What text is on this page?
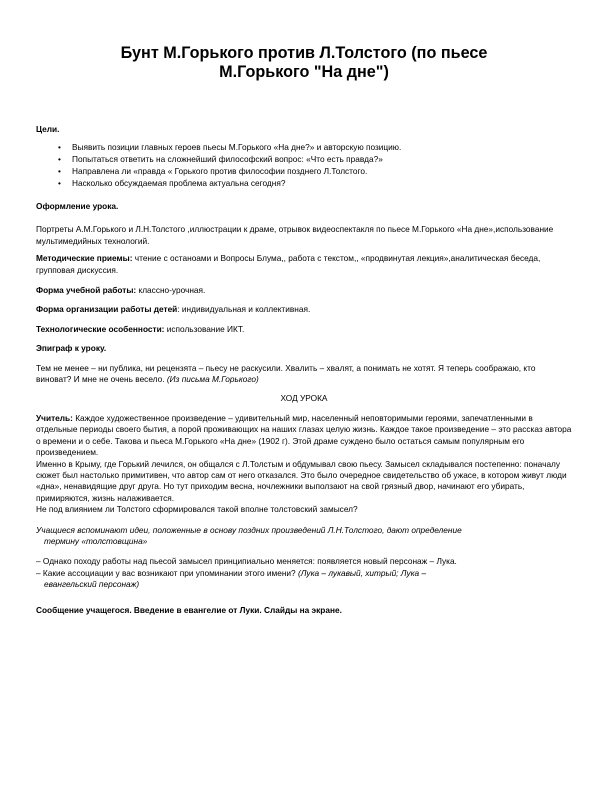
Бунт М.Горького против Л.Толстого (по пьесе
М.Горького "На дне")
Цели.
• Выявить позиции главных героев пьесы М.Горького «На дне?» и авторскую позицию.
• Попытаться ответить на сложнейший философский вопрос: «Что есть правда?»
• Направлена ли «правда « Горького против философии позднего Л.Толстого.
• Насколько обсуждаемая проблема актуальна сегодня?
Оформление урока.

Портреты А.М.Горького и Л.Н.Толстого ,иллюстрации к драме, отрывок видеоспектакля по пьесе М.Горького «На дне»,использование мультимедийных технологий.

Методические приемы: чтение с останоами и Вопросы Блума,, работа с текстом,, «продвинутая лекция»,аналитическая беседа, групповая дискуссия.

Форма учебной работы: классно-урочная.

Форма организации работы детей: индивидуальная и коллективная.

Технологические особенности: использование ИКТ.

Эпиграф к уроку.

Тем не менее – ни публика, ни рецензята – пьесу не раскусили. Хвалить – хвалят, а понимать не хотят. Я теперь соображаю, кто виноват? И мне не очень весело. (Из письма М.Горького)

ХОД УРОКА

Учитель: Каждое художественное произведение – удивительный мир, населенный неповторимыми героями, запечатленными в отдельные периоды своего бытия, а порой проживающих на наших глазах целую жизнь. Каждое такое произведение – это рассказ автора о времени и о себе. Такова и пьеса М.Горького «На дне» (1902 г). Этой драме суждено было остаться самым популярным его произведением.

Именно в Крыму, где Горький лечился, он общался с Л.Толстым и обдумывал свою пьесу. Замысел складывался постепенно: поначалу сюжет был настолько примитивен, что автор сам от него отказался. Это было очередное свидетельство об ужасе, в котором живут люди «дна», ненавидящие друг друга. Но тут приходим весна, ночлежники выползают на свой грязный двор, начинают его убирать, примиряются, жизнь налаживается.

Не под влиянием ли Толстого сформировался такой вполне толстовский замысел?

Учащиеся вспоминают идеи, положенные в основу поздних произведений Л.Н.Толстого, дают определение

термину «толстовщина»

– Однако походу работы над пьесой замысел принципиально меняется: появляется новый персонаж – Лука.

– Какие ассоциации у вас возникают при упоминании этого имени? (Лука – лукавый, хитрый; Лука –

евангельский персонаж)

Сообщение учащегося. Введение в евангелие от Луки. Слайды на экране.
